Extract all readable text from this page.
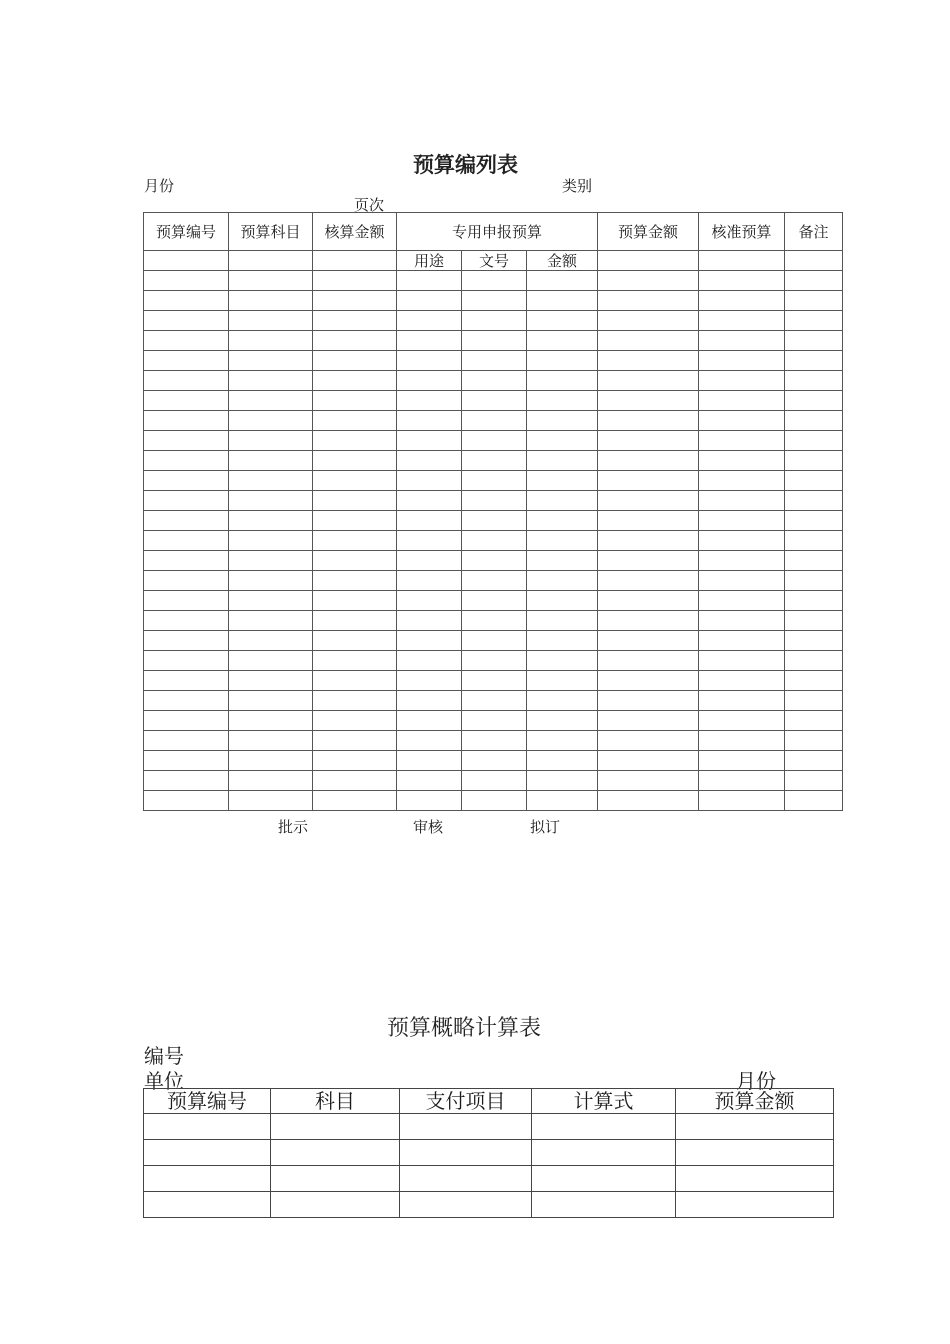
预算编列表
月份	类别
页次
预算编号	预算科目	核算金额	专用申报预算			预算金额	核准预算	备注
			用途	文号	金额			

批示	审核	拟订
预算概略计算表
编号
单位	月份
预算编号	科目	支付项目	计算式	预算金额
